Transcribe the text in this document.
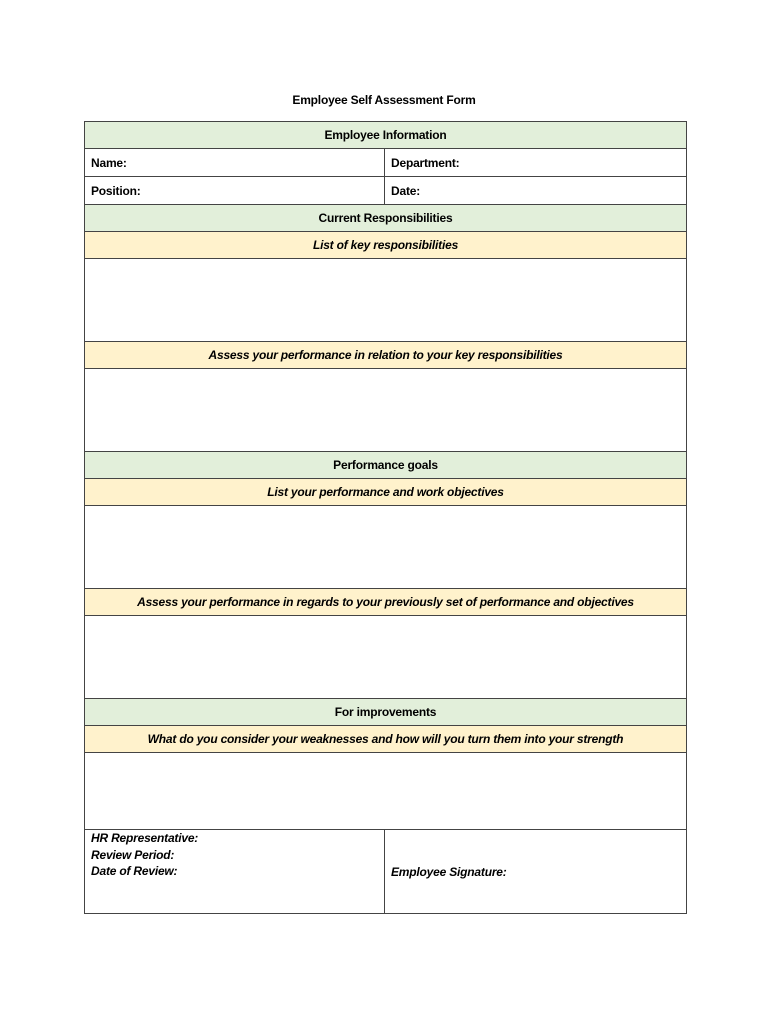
Employee Self Assessment Form
Employee Information	
Name:	Department:
Position:	Date:
Current Responsibilities	
List of key responsibilities	

Assess your performance in relation to your key responsibilities	

Performance goals	
List your performance and work objectives	

Assess your performance in regards to your previously set of performance and objectives	

For improvements	
What do you consider your weaknesses and how will you turn them into your strength	

HR Representative:
Review Period:
Date of Review:	Employee Signature:
